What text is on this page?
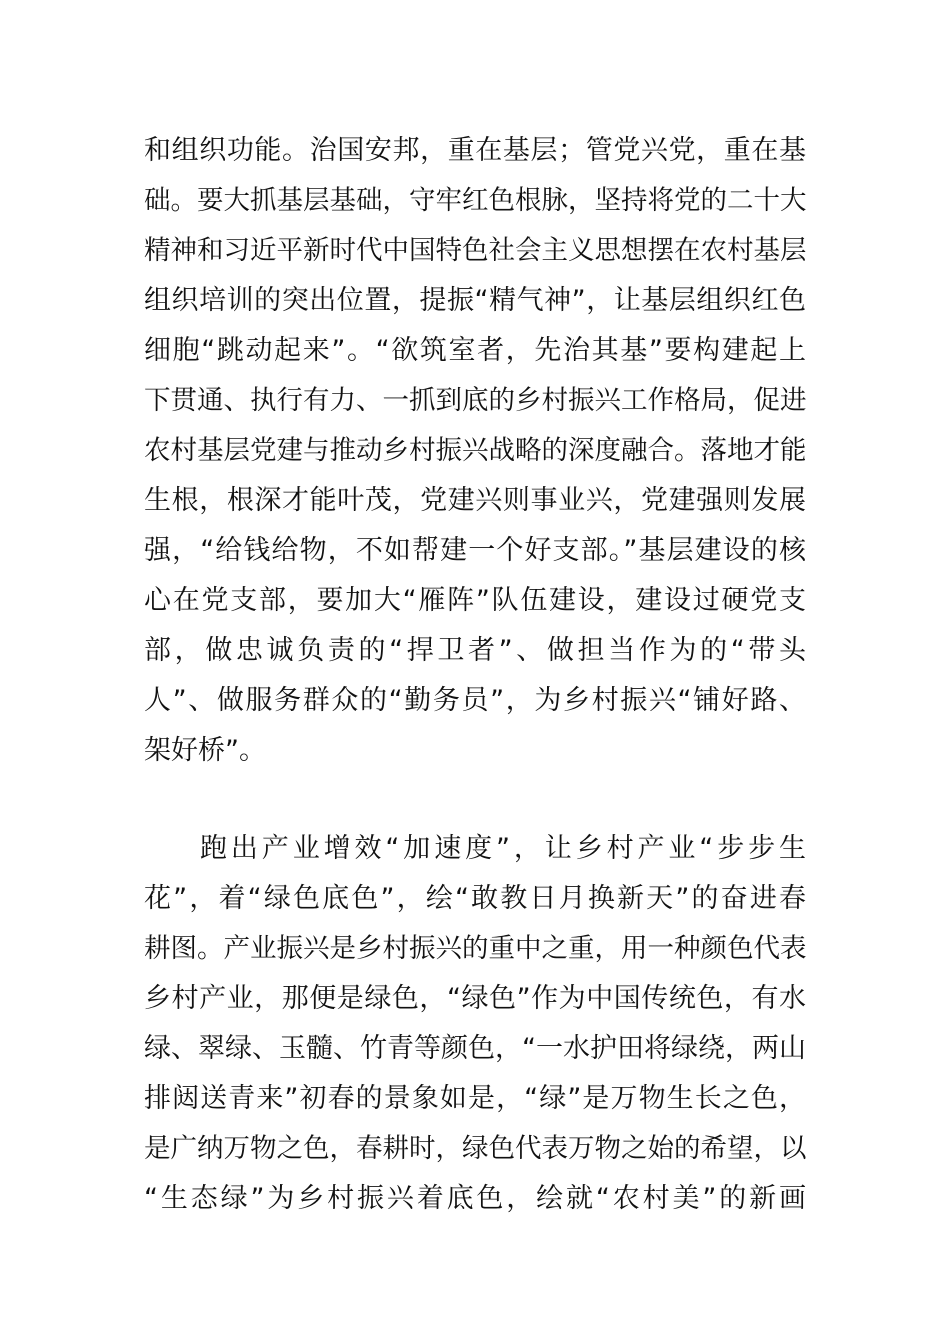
和组织功能。治国安邦，重在基层；管党兴党，重在基
础。要大抓基层基础，守牢红色根脉，坚持将党的二十大
精神和习近平新时代中国特色社会主义思想摆在农村基层
组织培训的突出位置，提振“精气神”，让基层组织红色
细胞“跳动起来”。“欲筑室者，先治其基”要构建起上
下贯通、执行有力、一抓到底的乡村振兴工作格局，促进
农村基层党建与推动乡村振兴战略的深度融合。落地才能
生根，根深才能叶茂，党建兴则事业兴，党建强则发展
强，“给钱给物，不如帮建一个好支部。”基层建设的核
心在党支部，要加大“雁阵”队伍建设，建设过硬党支
部，做忠诚负责的“捍卫者”、做担当作为的“带头
人”、做服务群众的“勤务员”，为乡村振兴“铺好路、
架好桥”。
跑出产业增效“加速度”，让乡村产业“步步生
花”，着“绿色底色”，绘“敢教日月换新天”的奋进春
耕图。产业振兴是乡村振兴的重中之重，用一种颜色代表
乡村产业，那便是绿色，“绿色”作为中国传统色，有水
绿、翠绿、玉髓、竹青等颜色，“一水护田将绿绕，两山
排闼送青来”初春的景象如是，“绿”是万物生长之色，
是广纳万物之色，春耕时，绿色代表万物之始的希望，以
“生态绿”为乡村振兴着底色，绘就“农村美”的新画
